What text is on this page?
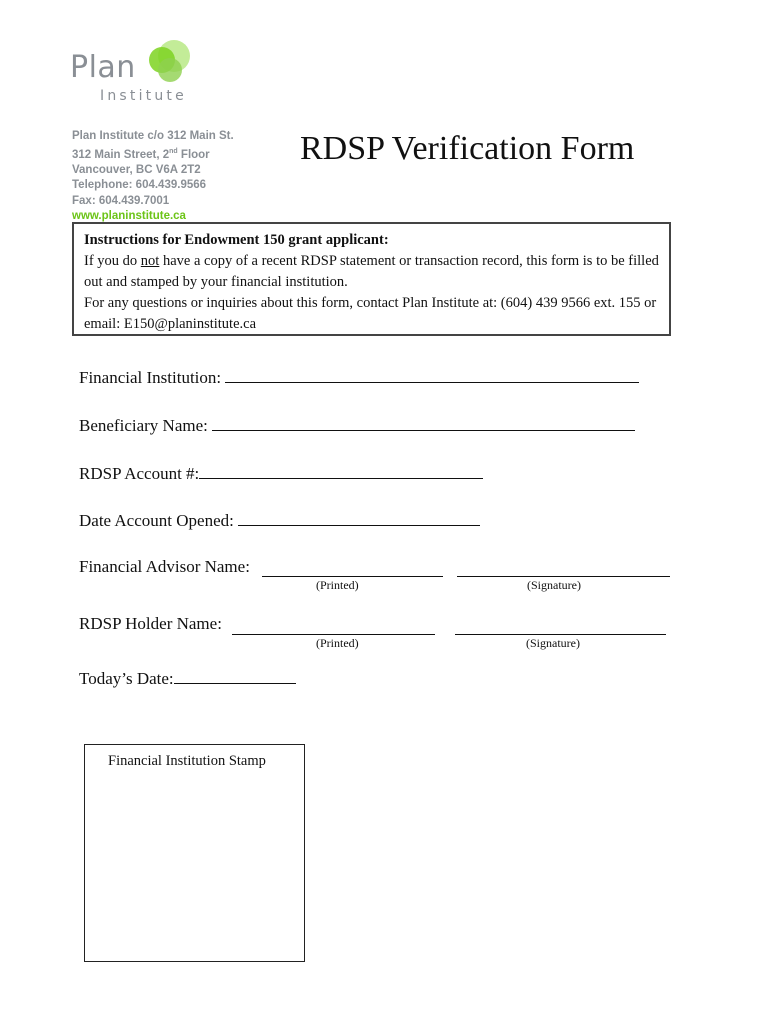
Plan
Institute
Plan Institute c/o 312 Main St.
312 Main Street, 2nd Floor
Vancouver, BC V6A 2T2
Telephone: 604.439.9566
Fax: 604.439.7001
www.planinstitute.ca
RDSP Verification Form
Instructions for Endowment 150 grant applicant:
If you do not have a copy of a recent RDSP statement or transaction record, this form is to be filled out and stamped by your financial institution.
For any questions or inquiries about this form, contact Plan Institute at: (604) 439 9566 ext. 155 or email: E150@planinstitute.ca
Financial Institution:
Beneficiary Name:
RDSP Account #:
Date Account Opened:
Financial Advisor Name:
(Printed)	(Signature)
RDSP Holder Name:
(Printed)	(Signature)
Today’s Date:
Financial Institution Stamp
